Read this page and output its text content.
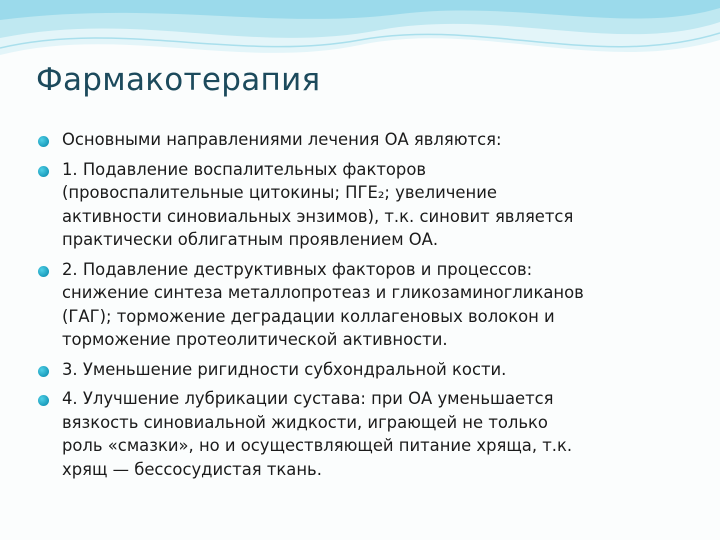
Фармакотерапия
Основными направлениями лечения ОА являются:
1. Подавление воспалительных факторов
(провоспалительные цитокины; ПГЕ₂; увеличение
активности синовиальных энзимов), т.к. синовит является
практически облигатным проявлением ОА.
2. Подавление деструктивных факторов и процессов:
снижение синтеза металлопротеаз и гликозаминогликанов
(ГАГ); торможение деградации коллагеновых волокон и
торможение протеолитической активности.
3. Уменьшение ригидности субхондральной кости.
4. Улучшение лубрикации сустава: при ОА уменьшается
вязкость синовиальной жидкости, играющей не только
роль «смазки», но и осуществляющей питание хряща, т.к.
хрящ — бессосудистая ткань.
